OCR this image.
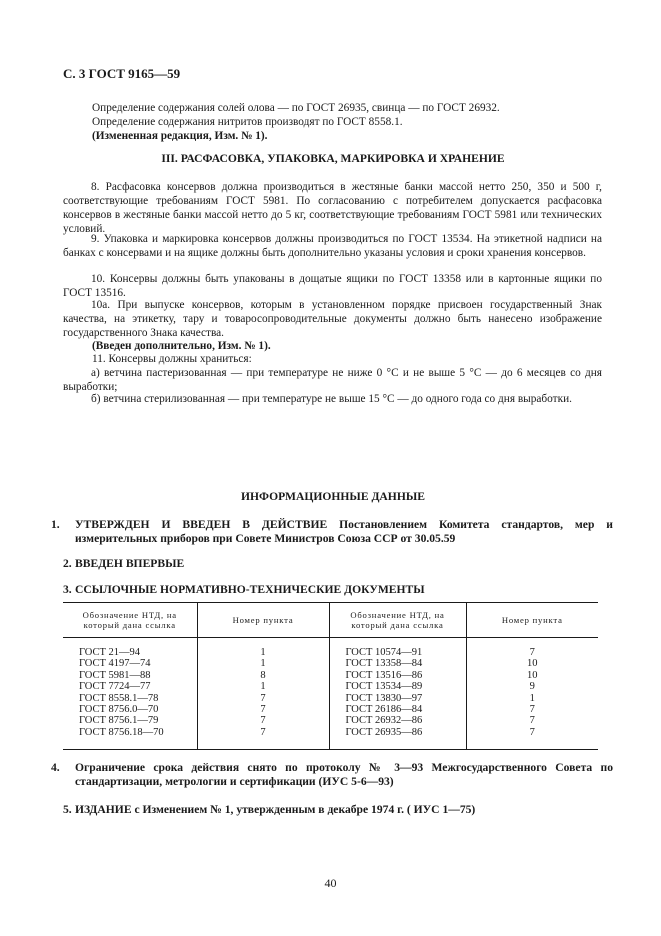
С. 3 ГОСТ 9165—59

Определение содержания солей олова — по ГОСТ 26935, свинца — по ГОСТ 26932.

Определение содержания нитритов производят по ГОСТ 8558.1.

(Измененная редакция, Изм. № 1).

III. РАСФАСОВКА, УПАКОВКА, МАРКИРОВКА И ХРАНЕНИЕ

8. Расфасовка консервов должна производиться в жестяные банки массой нетто 250, 350 и 500 г, соответствующие требованиям ГОСТ 5981. По согласованию с потребителем допускается расфасовка консервов в жестяные банки массой нетто до 5 кг, соответствующие требованиям ГОСТ 5981 или технических условий.

9. Упаковка и маркировка консервов должны производиться по ГОСТ 13534. На этикетной надписи на банках с консервами и на ящике должны быть дополнительно указаны условия и сроки хранения консервов.

10. Консервы должны быть упакованы в дощатые ящики по ГОСТ 13358 или в картонные ящики по ГОСТ 13516.

10а. При выпуске консервов, которым в установленном порядке присвоен государственный Знак качества, на этикетку, тару и товаросопроводительные документы должно быть нанесено изображение государственного Знака качества.

(Введен дополнительно, Изм. № 1).

11. Консервы должны храниться:

а) ветчина пастеризованная — при температуре не ниже 0 °С и не выше 5 °С — до 6 месяцев со дня выработки;

б) ветчина стерилизованная — при температуре не выше 15 °С — до одного года со дня выработки.

ИНФОРМАЦИОННЫЕ ДАННЫЕ

1. УТВЕРЖДЕН И ВВЕДЕН В ДЕЙСТВИЕ Постановлением Комитета стандартов, мер и измерительных приборов при Совете Министров Союза ССР от 30.05.59

2. ВВЕДЕН ВПЕРВЫЕ

3. ССЫЛОЧНЫЕ НОРМАТИВНО-ТЕХНИЧЕСКИЕ ДОКУМЕНТЫ

Обозначение НТД, на который дана ссылка	Номер пункта	Обозначение НТД, на который дана ссылка	Номер пункта
ГОСТ 21—94	1	ГОСТ 10574—91	7
ГОСТ 4197—74	1	ГОСТ 13358—84	10
ГОСТ 5981—88	8	ГОСТ 13516—86	10
ГОСТ 7724—77	1	ГОСТ 13534—89	9
ГОСТ 8558.1—78	7	ГОСТ 13830—97	1
ГОСТ 8756.0—70	7	ГОСТ 26186—84	7
ГОСТ 8756.1—79	7	ГОСТ 26932—86	7
ГОСТ 8756.18—70	7	ГОСТ 26935—86	7

4. Ограничение срока действия снято по протоколу № 3—93 Межгосударственного Совета по стандартизации, метрологии и сертификации (ИУС 5-6—93)

5. ИЗДАНИЕ с Изменением № 1, утвержденным в декабре 1974 г. ( ИУС 1—75)

40
